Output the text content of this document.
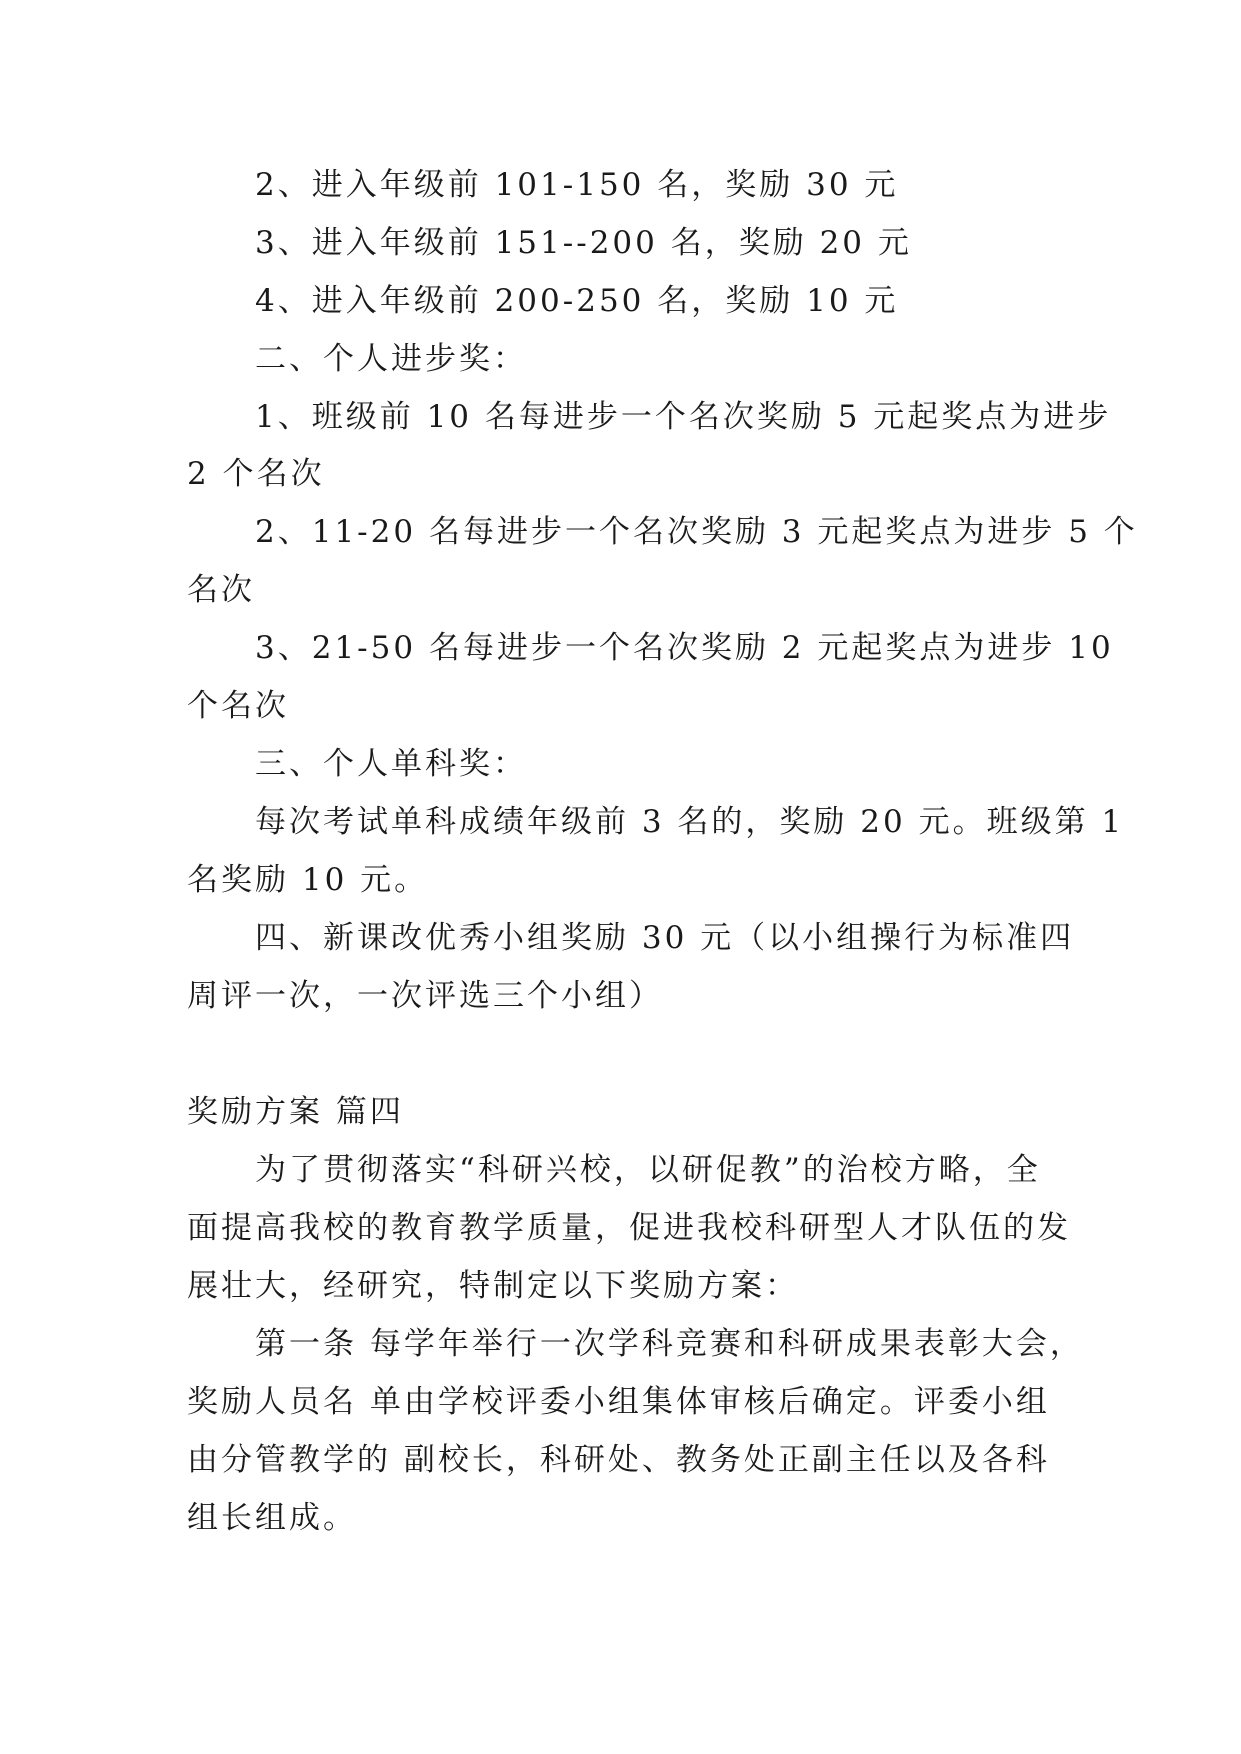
2、进入年级前 101-150 名，奖励 30 元

3、进入年级前 151--200 名，奖励 20 元

4、进入年级前 200-250 名，奖励 10 元

二、个人进步奖：

1、班级前 10 名每进步一个名次奖励 5 元起奖点为进步

2 个名次

2、11-20 名每进步一个名次奖励 3 元起奖点为进步 5 个

名次

3、21-50 名每进步一个名次奖励 2 元起奖点为进步 10

个名次

三、个人单科奖：

每次考试单科成绩年级前 3 名的，奖励 20 元。班级第 1

名奖励 10 元。

四、新课改优秀小组奖励 30 元（以小组操行为标准四

周评一次，一次评选三个小组）

奖励方案 篇四

为了贯彻落实“科研兴校，以研促教”的治校方略，全

面提高我校的教育教学质量，促进我校科研型人才队伍的发

展壮大，经研究，特制定以下奖励方案：

第一条 每学年举行一次学科竞赛和科研成果表彰大会，

奖励人员名 单由学校评委小组集体审核后确定。评委小组

由分管教学的 副校长，科研处、教务处正副主任以及各科

组长组成。
